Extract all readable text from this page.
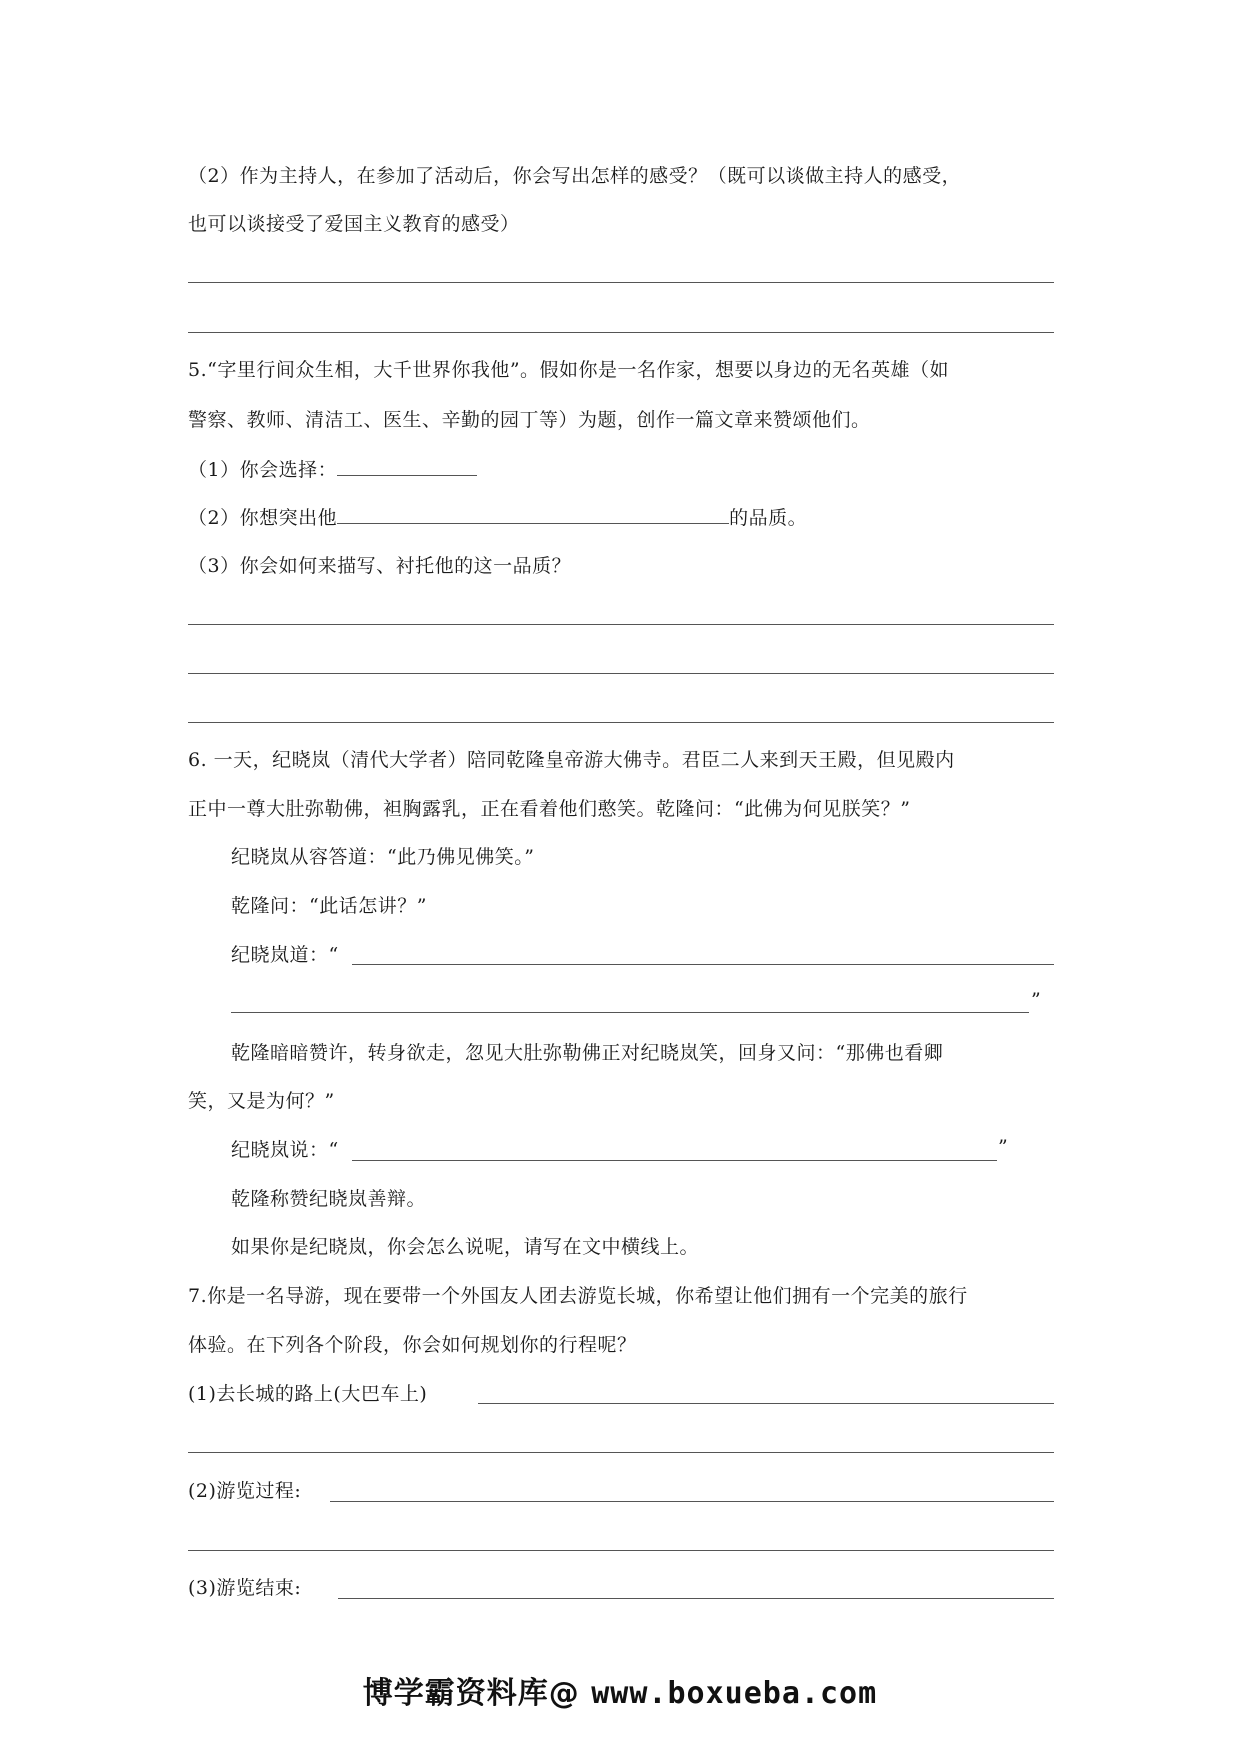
（2）作为主持人，在参加了活动后，你会写出怎样的感受？（既可以谈做主持人的感受，
也可以谈接受了爱国主义教育的感受）
5.“字里行间众生相，大千世界你我他”。假如你是一名作家，想要以身边的无名英雄（如
警察、教师、清洁工、医生、辛勤的园丁等）为题，创作一篇文章来赞颂他们。
（1）你会选择：
（2）你想突出他	的品质。
（3）你会如何来描写、衬托他的这一品质？
6. 一天，纪晓岚（清代大学者）陪同乾隆皇帝游大佛寺。君臣二人来到天王殿，但见殿内
正中一尊大肚弥勒佛，袒胸露乳，正在看着他们憨笑。乾隆问：“此佛为何见朕笑？”
纪晓岚从容答道：“此乃佛见佛笑。”
乾隆问：“此话怎讲？”
纪晓岚道：“
”
乾隆暗暗赞许，转身欲走，忽见大肚弥勒佛正对纪晓岚笑，回身又问：“那佛也看卿
笑，又是为何？”
纪晓岚说：“	”
乾隆称赞纪晓岚善辩。
如果你是纪晓岚，你会怎么说呢，请写在文中横线上。
7.你是一名导游，现在要带一个外国友人团去游览长城，你希望让他们拥有一个完美的旅行
体验。在下列各个阶段，你会如何规划你的行程呢？
(1)去长城的路上(大巴车上)
(2)游览过程:
(3)游览结束:
博学霸资料库@ www.boxueba.com
